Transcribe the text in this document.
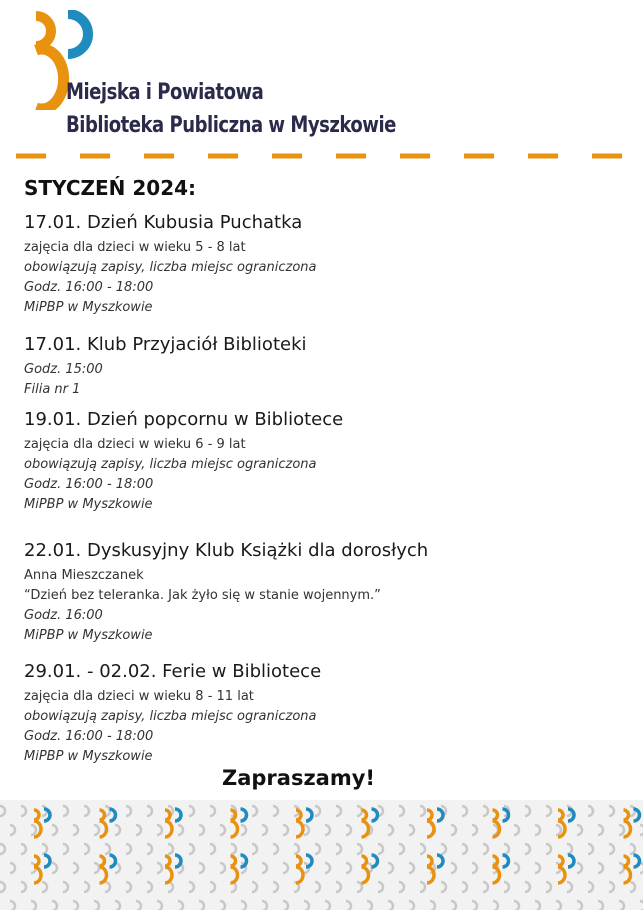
Miejska i Powiatowa
Biblioteka Publiczna w Myszkowie
STYCZEŃ 2024:
17.01. Dzień Kubusia Puchatka
zajęcia dla dzieci w wieku 5 - 8 lat
obowiązują zapisy, liczba miejsc ograniczona
Godz. 16:00 - 18:00
MiPBP w Myszkowie
17.01. Klub Przyjaciół Biblioteki
Godz. 15:00
Filia nr 1
19.01. Dzień popcornu w Bibliotece
zajęcia dla dzieci w wieku 6 - 9 lat
obowiązują zapisy, liczba miejsc ograniczona
Godz. 16:00 - 18:00
MiPBP w Myszkowie
22.01. Dyskusyjny Klub Książki dla dorosłych
Anna Mieszczanek
“Dzień bez teleranka. Jak żyło się w stanie wojennym.”
Godz. 16:00
MiPBP w Myszkowie
29.01. - 02.02. Ferie w Bibliotece
zajęcia dla dzieci w wieku 8 - 11 lat
obowiązują zapisy, liczba miejsc ograniczona
Godz. 16:00 - 18:00
MiPBP w Myszkowie
Zapraszamy!
